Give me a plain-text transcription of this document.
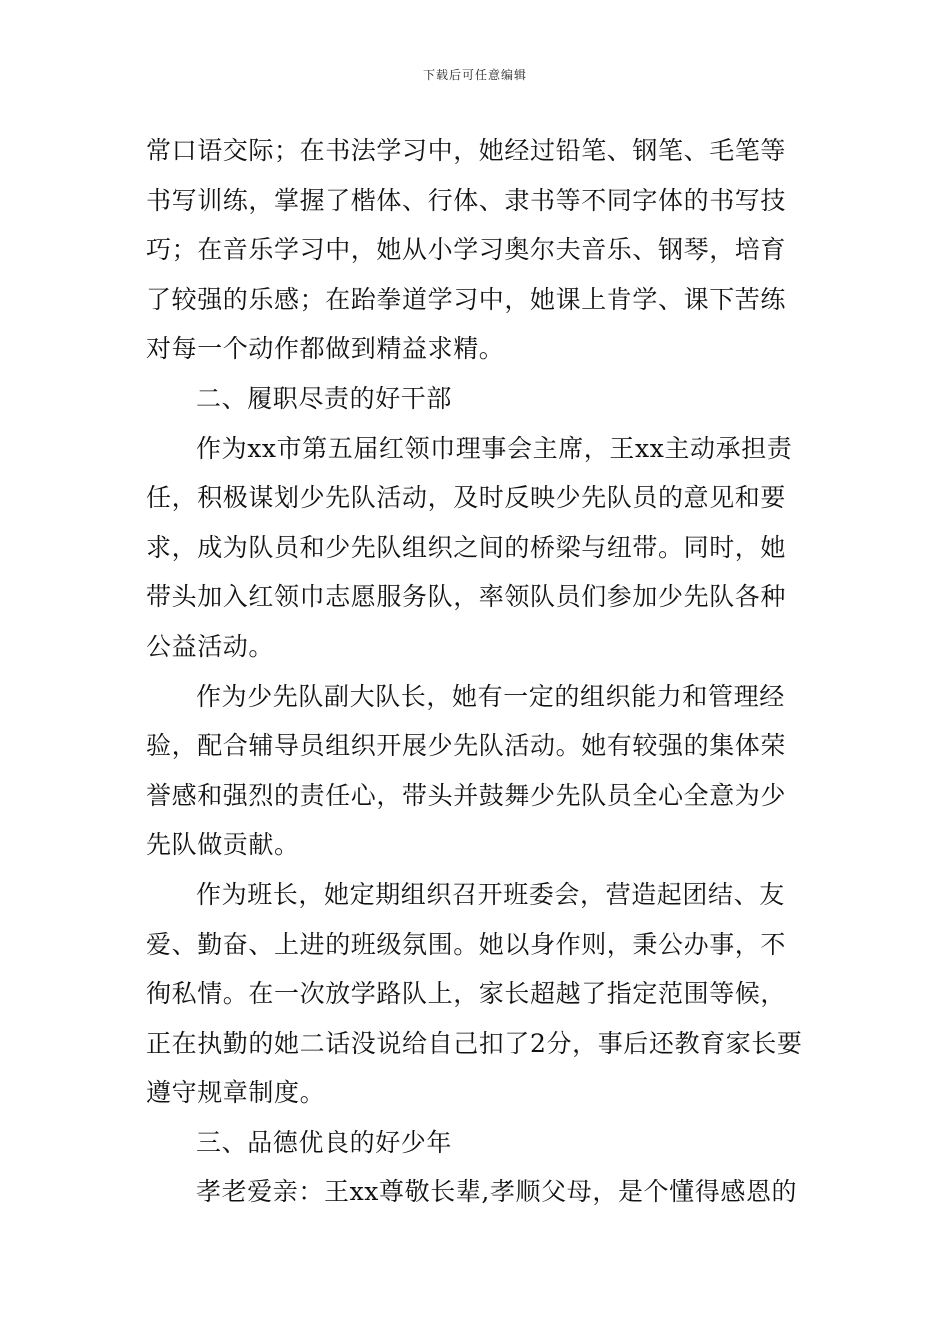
下载后可任意编辑
常口语交际；在书法学习中，她经过铅笔、钢笔、毛笔等
书写训练，掌握了楷体、行体、隶书等不同字体的书写技
巧；在音乐学习中，她从小学习奥尔夫音乐、钢琴，培育
了较强的乐感；在跆拳道学习中，她课上肯学、课下苦练
对每一个动作都做到精益求精。
二、履职尽责的好干部
作为xx市第五届红领巾理事会主席，王xx主动承担责
任，积极谋划少先队活动，及时反映少先队员的意见和要
求，成为队员和少先队组织之间的桥梁与纽带。同时，她
带头加入红领巾志愿服务队，率领队员们参加少先队各种
公益活动。
作为少先队副大队长，她有一定的组织能力和管理经
验，配合辅导员组织开展少先队活动。她有较强的集体荣
誉感和强烈的责任心，带头并鼓舞少先队员全心全意为少
先队做贡献。
作为班长，她定期组织召开班委会，营造起团结、友
爱、勤奋、上进的班级氛围。她以身作则，秉公办事，不
徇私情。在一次放学路队上，家长超越了指定范围等候，
正在执勤的她二话没说给自己扣了2分，事后还教育家长要
遵守规章制度。
三、品德优良的好少年
孝老爱亲：王xx尊敬长辈,孝顺父母，是个懂得感恩的
